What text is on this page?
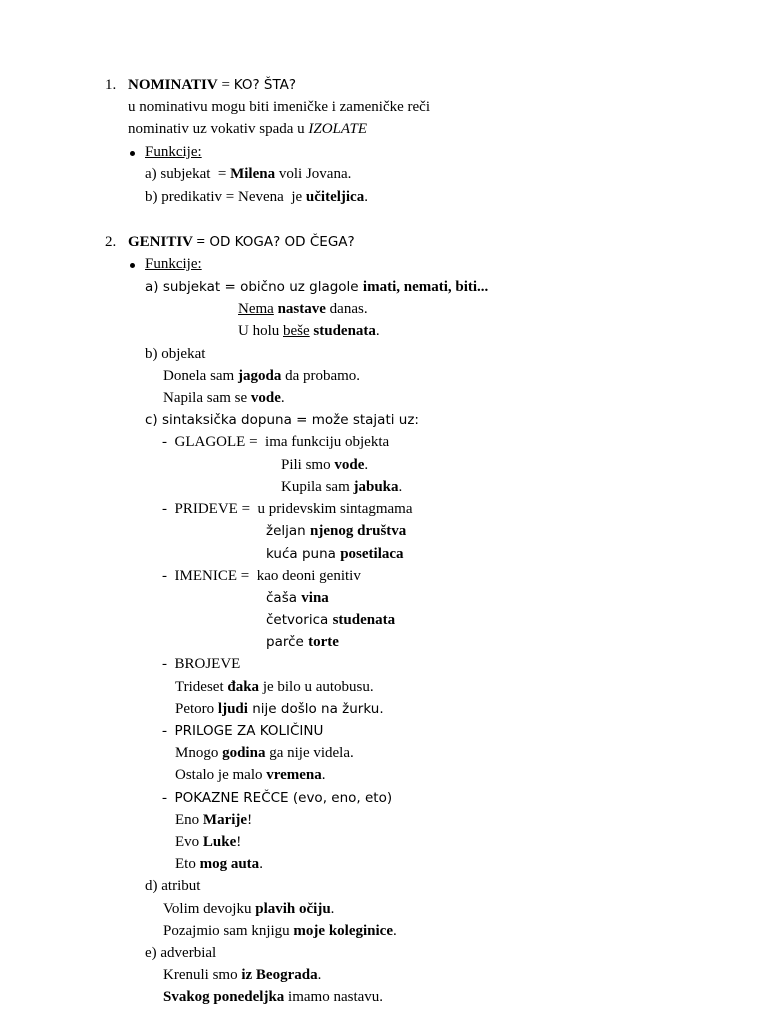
1. NOMINATIV = KO? ŠTA?
u nominativu mogu biti imeničke i zameničke reči
nominativ uz vokativ spada u IZOLATE
Funkcije:
a) subjekat  = Milena voli Jovana.
b) predikativ = Nevena  je učiteljica.
2. GENITIV = OD KOGA? OD ČEGA?
Funkcije:
a) subjekat = obično uz glagole imati, nemati, biti...
Nema nastave danas.
U holu beše studenata.
b) objekat
Donela sam jagoda da probamo.
Napila sam se vode.
c) sintaksička dopuna = može stajati uz:
-  GLAGOLE =  ima funkciju objekta
Pili smo vode.
Kupila sam jabuka.
-  PRIDEVE =  u pridevskim sintagmama
željan njenog društva
kuća puna posetilaca
-  IMENICE =  kao deoni genitiv
čaša vina
četvorica studenata
parče torte
-  BROJEVE
Trideset đaka je bilo u autobusu.
Petoro ljudi nije došlo na žurku.
-  PRILOGE ZA KOLIČINU
Mnogo godina ga nije videla.
Ostalo je malo vremena.
-  POKAZNE REČCE (evo, eno, eto)
Eno Marije!
Evo Luke!
Eto mog auta.
d) atribut
Volim devojku plavih očiju.
Pozajmio sam knjigu moje koleginice.
e) adverbial
Krenuli smo iz Beograda.
Svakog ponedeljka imamo nastavu.
